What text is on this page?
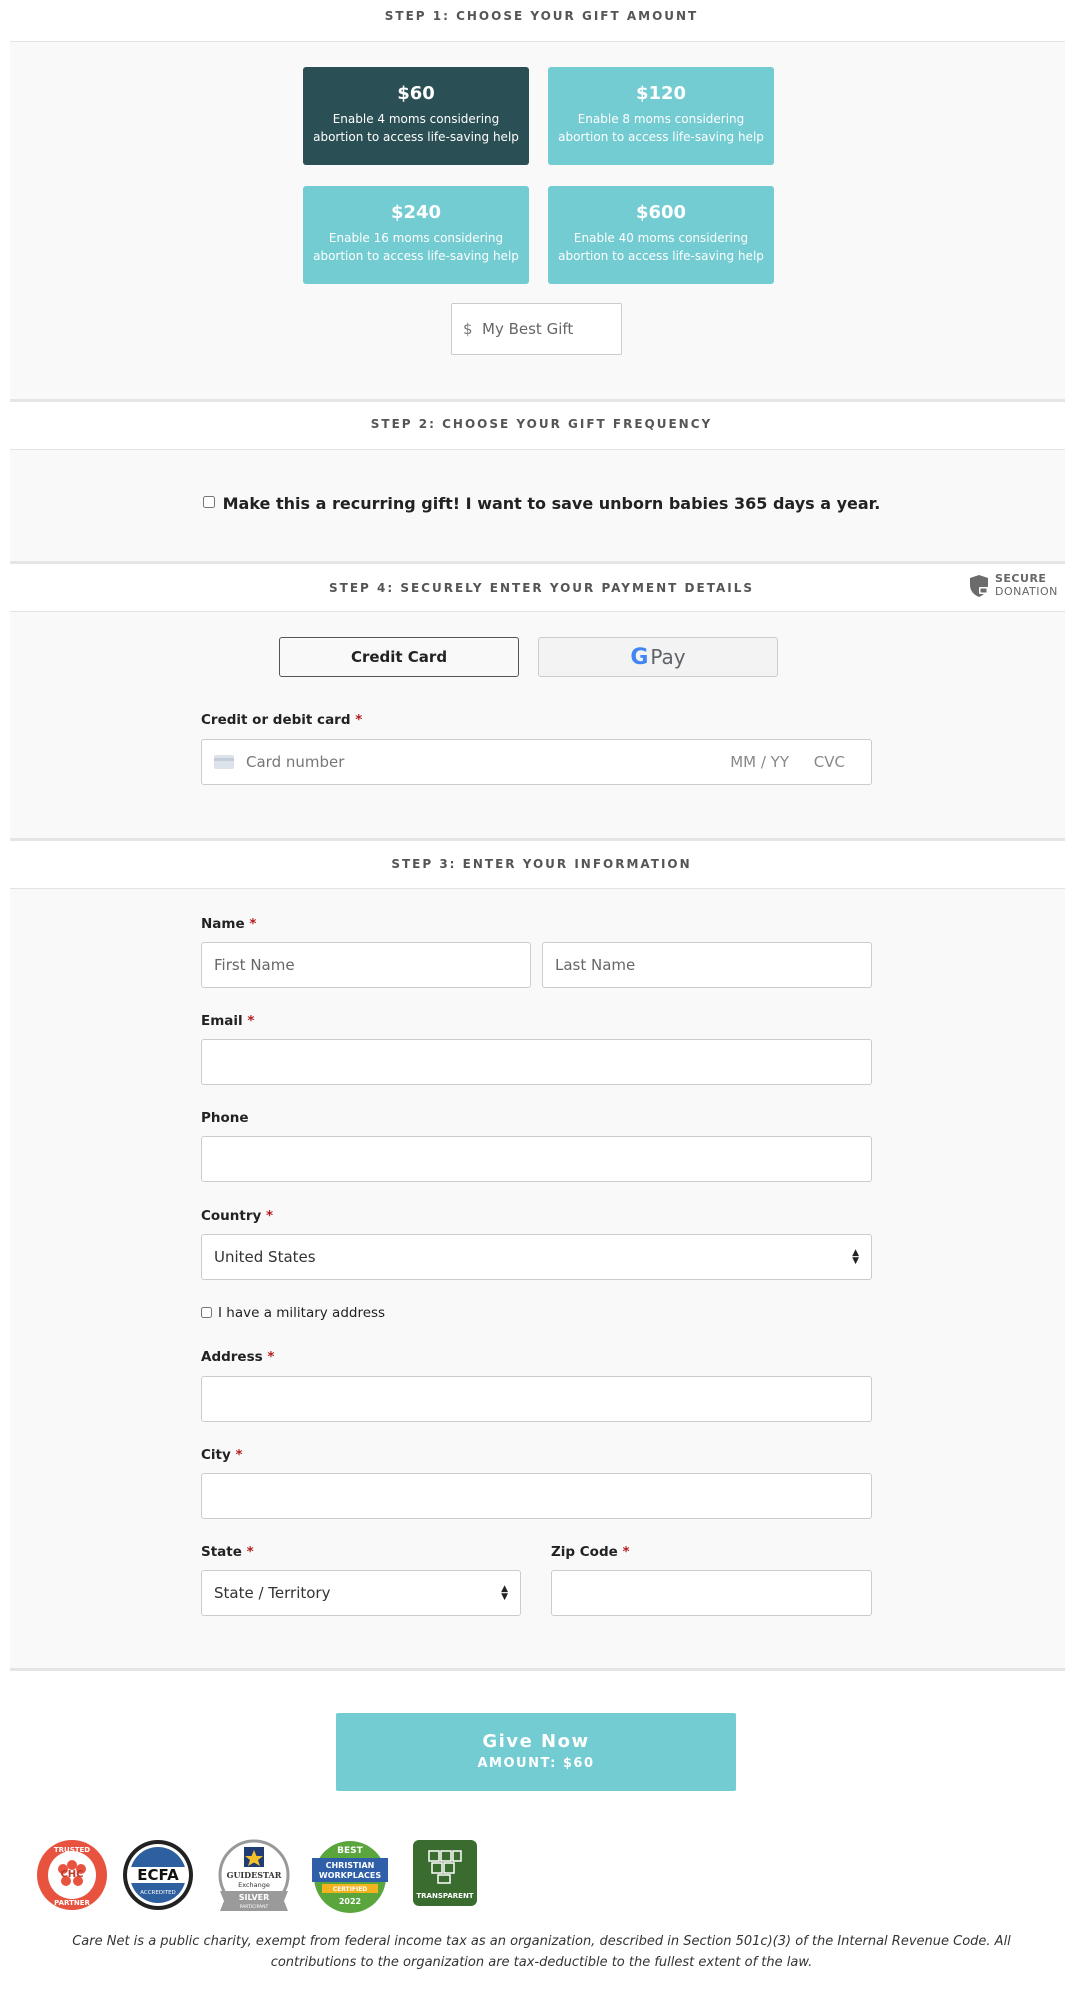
STEP 1: CHOOSE YOUR GIFT AMOUNT
$60
Enable 4 moms considering abortion to access life-saving help
$120
Enable 8 moms considering abortion to access life-saving help
$240
Enable 16 moms considering abortion to access life-saving help
$600
Enable 40 moms considering abortion to access life-saving help
$
My Best Gift
STEP 2: CHOOSE YOUR GIFT FREQUENCY
Make this a recurring gift! I want to save unborn babies 365 days a year.
STEP 4: SECURELY ENTER YOUR PAYMENT DETAILS
SECURE
DONATION
Credit Card	G Pay
Credit or debit card *
Card number	MM / YY CVC
STEP 3: ENTER YOUR INFORMATION
Name *
First Name
Last Name
Email *
Phone
Country *
United States	▲
▼
I have a military address
Address *
City *
State *
State / Territory	▲
▼
Zip Code *
Give Now
AMOUNT: $60
TRUSTED
CHC
PARTNER
ECFA
ACCREDITED
GUIDESTAR
Exchange
SILVER
PARTICIPANT
BEST
CHRISTIAN
WORKPLACES
CERTIFIED
2022
TRANSPARENT
Care Net is a public charity, exempt from federal income tax as an organization, described in Section 501c)(3) of the Internal Revenue Code. All contributions to the organization are tax-deductible to the fullest extent of the law.
